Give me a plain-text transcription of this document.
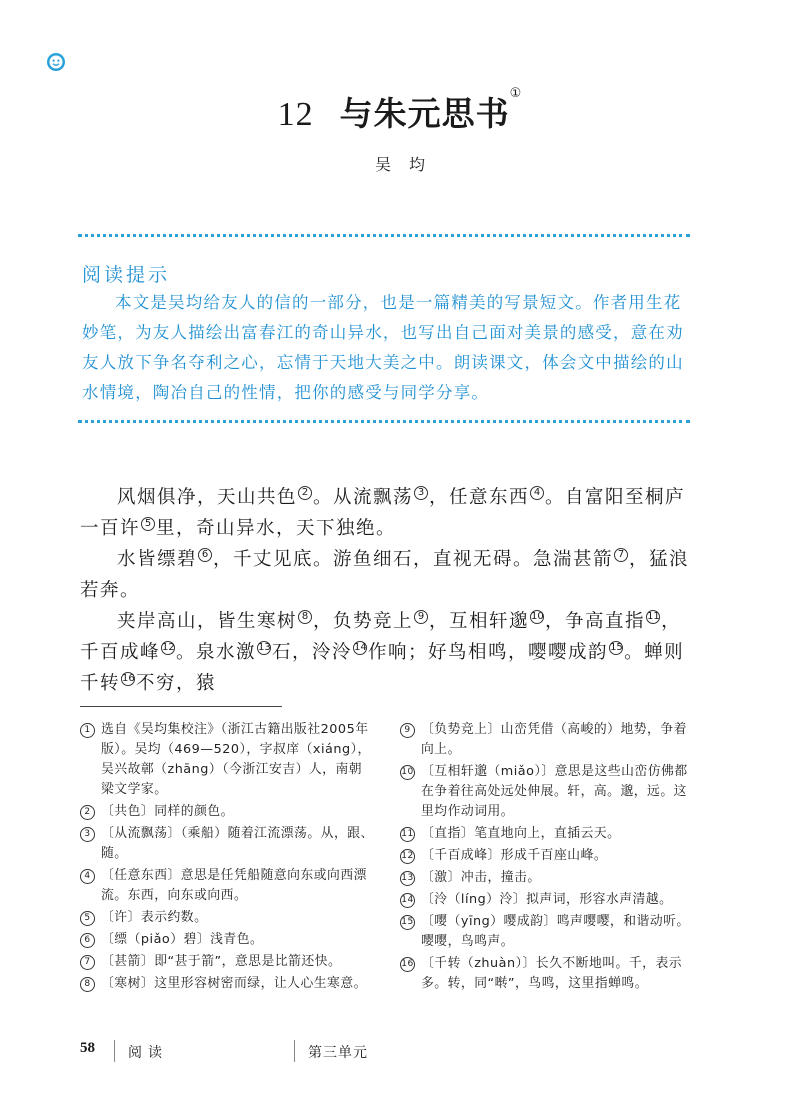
12 与朱元思书①
吴均
阅读提示
本文是吴均给友人的信的一部分，也是一篇精美的写景短文。作者用生花妙笔，为友人描绘出富春江的奇山异水，也写出自己面对美景的感受，意在劝友人放下争名夺利之心，忘情于天地大美之中。朗读课文，体会文中描绘的山水情境，陶冶自己的性情，把你的感受与同学分享。

风烟俱净，天山共色 2 。从流飘荡 3 ，任意东西 4 。自富阳至桐庐一百许 5 里，奇山异水，天下独绝。

水皆缥碧 6 ，千丈见底。游鱼细石，直视无碍。急湍甚箭 7 ，猛浪若奔。

夹岸高山，皆生寒树 8 ，负势竞上 9 ，互相轩邈 10，争高直指 11，千百成峰 12。泉水激 13石，泠泠 14作响；好鸟相鸣，嘤嘤成韵 15。蝉则千转 16不穷，猿

1 选自《吴均集校注》（浙江古籍出版社2005年版）。吴均（469—520），字叔庠（xiáng），吴兴故鄣（zhāng）（今浙江安吉）人，南朝梁文学家。
2 〔共色〕同样的颜色。
3 〔从流飘荡〕（乘船）随着江流漂荡。从，跟、随。
4 〔任意东西〕意思是任凭船随意向东或向西漂流。东西，向东或向西。
5 〔许〕表示约数。
6 〔缥（piǎo）碧〕浅青色。
7 〔甚箭〕即“甚于箭”，意思是比箭还快。
8 〔寒树〕这里形容树密而绿，让人心生寒意。
9 〔负势竞上〕山峦凭借（高峻的）地势，争着向上。
10 〔互相轩邈（miǎo）〕意思是这些山峦仿佛都在争着往高处远处伸展。轩，高。邈，远。这里均作动词用。
11 〔直指〕笔直地向上，直插云天。
12 〔千百成峰〕形成千百座山峰。
13 〔激〕冲击，撞击。
14 〔泠（líng）泠〕拟声词，形容水声清越。
15 〔嘤（yīng）嘤成韵〕鸣声嘤嘤，和谐动听。嘤嘤，鸟鸣声。
16 〔千转（zhuàn）〕长久不断地叫。千，表示多。转，同“啭”，鸟鸣，这里指蝉鸣。
58 阅读	第三单元
